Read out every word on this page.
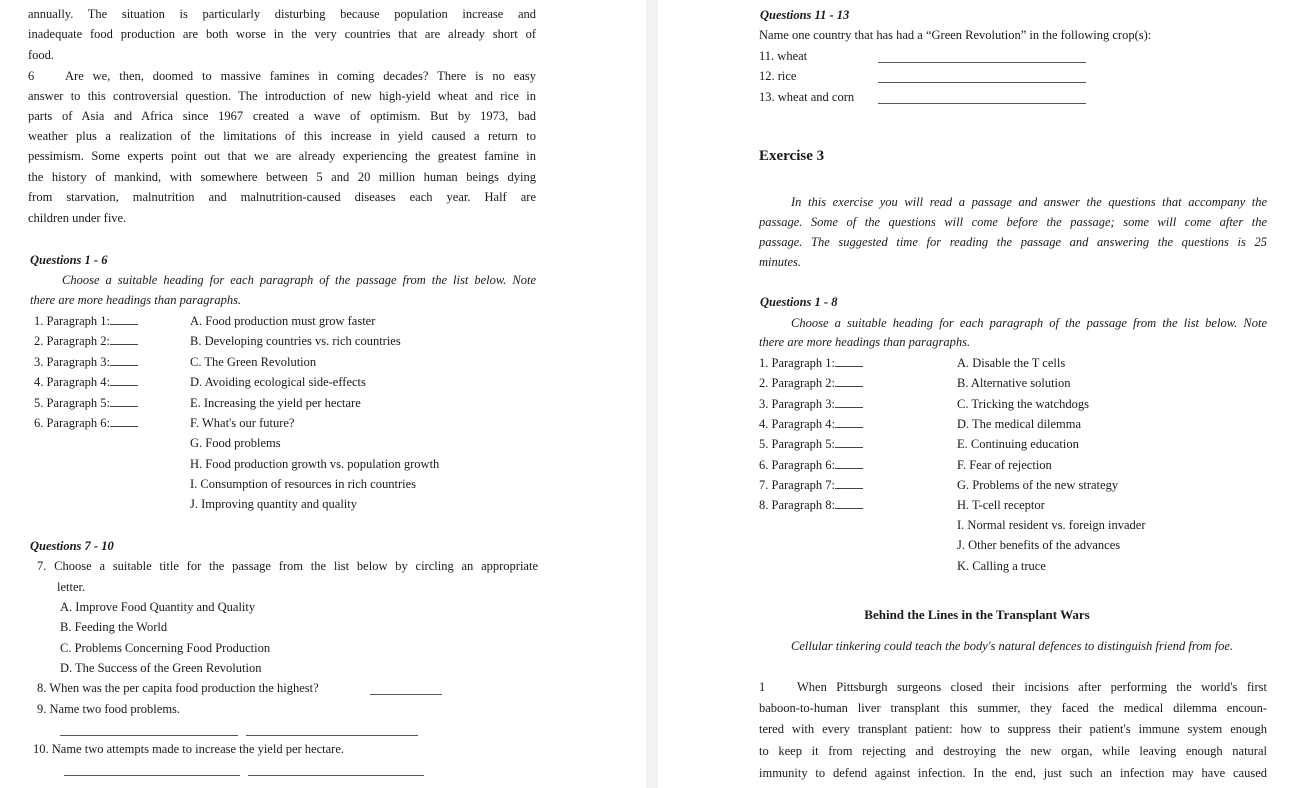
annually. The situation is particularly disturbing because population increase and
inadequate food production are both worse in the very countries that are already short of
food.
6 Are we, then, doomed to massive famines in coming decades? There is no easy
answer to this controversial question. The introduction of new high-yield wheat and rice in
parts of Asia and Africa since 1967 created a wave of optimism. But by 1973, bad
weather plus a realization of the limitations of this increase in yield caused a return to
pessimism. Some experts point out that we are already experiencing the greatest famine in
the history of mankind, with somewhere between 5 and 20 million human beings dying
from starvation, malnutrition and malnutrition-caused diseases each year. Half are
children under five.
Questions 1 - 6
Choose a suitable heading for each paragraph of the passage from the list below. Note
there are more headings than paragraphs.
1. Paragraph 1:
2. Paragraph 2:
3. Paragraph 3:
4. Paragraph 4:
5. Paragraph 5:
6. Paragraph 6:
A. Food production must grow faster
B. Developing countries vs. rich countries
C. The Green Revolution
D. Avoiding ecological side-effects
E. Increasing the yield per hectare
F. What's our future?
G. Food problems
H. Food production growth vs. population growth
I. Consumption of resources in rich countries
J. Improving quantity and quality
Questions 7 - 10
7. Choose a suitable title for the passage from the list below by circling an appropriate
letter.
A. Improve Food Quantity and Quality
B. Feeding the World
C. Problems Concerning Food Production
D. The Success of the Green Revolution
8. When was the per capita food production the highest?
9. Name two food problems.
10. Name two attempts made to increase the yield per hectare.
Questions 11 - 13
Name one country that has had a “Green Revolution” in the following crop(s):
11. wheat
12. rice
13. wheat and corn
Exercise 3
In this exercise you will read a passage and answer the questions that accompany the
passage. Some of the questions will come before the passage; some will come after the
passage. The suggested time for reading the passage and answering the questions is 25
minutes.
Questions 1 - 8
Choose a suitable heading for each paragraph of the passage from the list below. Note
there are more headings than paragraphs.
1. Paragraph 1:
2. Paragraph 2:
3. Paragraph 3:
4. Paragraph 4:
5. Paragraph 5:
6. Paragraph 6:
7. Paragraph 7:
8. Paragraph 8:
A. Disable the T cells
B. Alternative solution
C. Tricking the watchdogs
D. The medical dilemma
E. Continuing education
F. Fear of rejection
G. Problems of the new strategy
H. T-cell receptor
I. Normal resident vs. foreign invader
J. Other benefits of the advances
K. Calling a truce
Behind the Lines in the Transplant Wars
Cellular tinkering could teach the body's natural defences to distinguish friend from foe.
1	When Pittsburgh surgeons closed their incisions after performing the world's first
baboon-to-human liver transplant this summer, they faced the medical dilemma encoun-
tered with every transplant patient: how to suppress their patient's immune system enough
to keep it from rejecting and destroying the new organ, while leaving enough natural
immunity to defend against infection. In the end, just such an infection may have caused
